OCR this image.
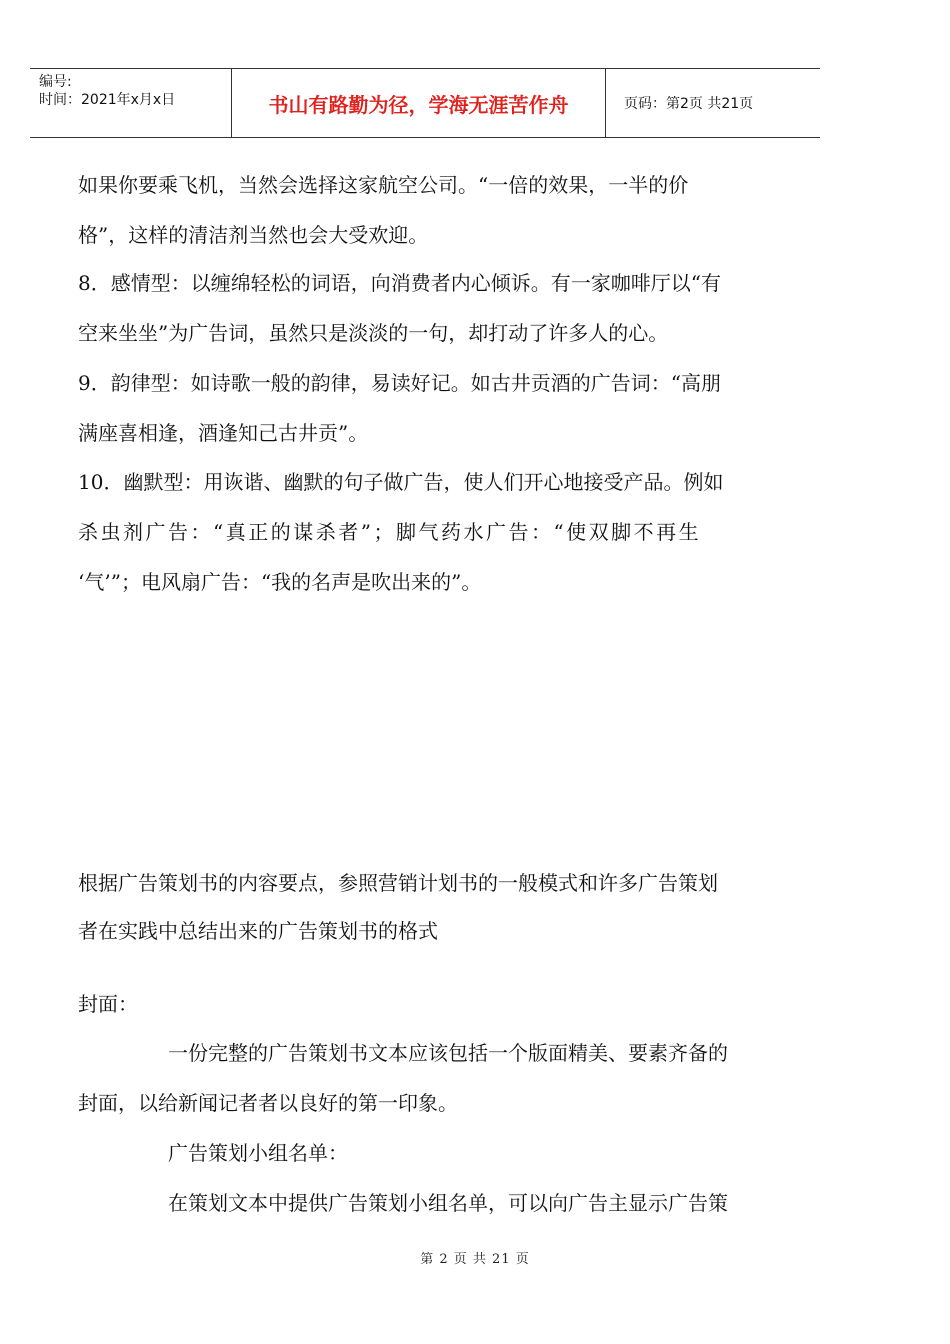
编号:
时间：2021年x月x日	书山有路勤为径，学海无涯苦作舟	页码：第2页 共21页
如果你要乘飞机，当然会选择这家航空公司。“一倍的效果，一半的价
格”，这样的清洁剂当然也会大受欢迎。
8．感情型：以缠绵轻松的词语，向消费者内心倾诉。有一家咖啡厅以“有
空来坐坐”为广告词，虽然只是淡淡的一句，却打动了许多人的心。
9．韵律型：如诗歌一般的韵律，易读好记。如古井贡酒的广告词：“高朋
满座喜相逢，酒逢知己古井贡”。
10．幽默型：用诙谐、幽默的句子做广告，使人们开心地接受产品。例如
杀虫剂广告：“真正的谋杀者”；脚气药水广告：“使双脚不再生
‘气’”；电风扇广告：“我的名声是吹出来的”。
根据广告策划书的内容要点，参照营销计划书的一般模式和许多广告策划
者在实践中总结出来的广告策划书的格式
封面：
一份完整的广告策划书文本应该包括一个版面精美、要素齐备的
封面，以给新闻记者者以良好的第一印象。
广告策划小组名单：
在策划文本中提供广告策划小组名单，可以向广告主显示广告策
第 2 页 共 21 页
